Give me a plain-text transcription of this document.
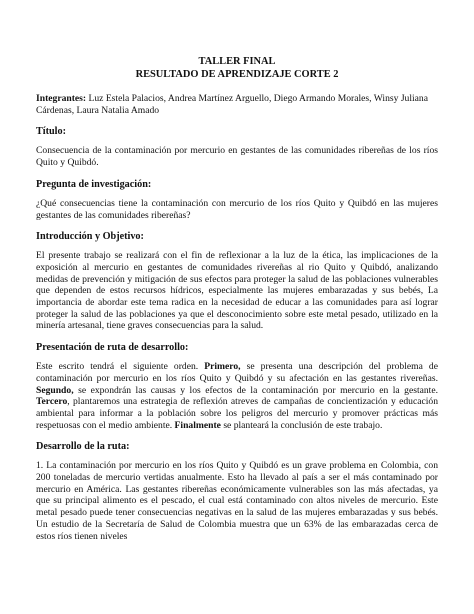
TALLER FINAL

RESULTADO DE APRENDIZAJE CORTE 2

Integrantes: Luz Estela Palacios, Andrea Martínez Arguello, Diego Armando Morales, Winsy Juliana Cárdenas, Laura Natalia Amado

Título:

Consecuencia de la contaminación por mercurio en gestantes de las comunidades ribereñas de los ríos Quito y Quibdó.

Pregunta de investigación:

¿Qué consecuencias tiene la contaminación con mercurio de los ríos Quito y Quibdó en las mujeres gestantes de las comunidades ribereñas?

Introducción y Objetivo:

El presente trabajo se realizará con el fin de reflexionar a la luz de la ética, las implicaciones de la exposición al mercurio en gestantes de comunidades rivereñas al rio Quito y Quibdó, analizando medidas de prevención y mitigación de sus efectos para proteger la salud de las poblaciones vulnerables que dependen de estos recursos hídricos, especialmente las mujeres embarazadas y sus bebés, La importancia de abordar este tema radica en la necesidad de educar a las comunidades para así lograr proteger la salud de las poblaciones ya que el desconocimiento sobre este metal pesado, utilizado en la minería artesanal, tiene graves consecuencias para la salud.

Presentación de ruta de desarrollo:

Este escrito tendrá el siguiente orden. Primero, se presenta una descripción del problema de contaminación por mercurio en los ríos Quito y Quibdó y su afectación en las gestantes rivereñas. Segundo, se expondrán las causas y los efectos de la contaminación por mercurio en la gestante. Tercero, plantaremos una estrategia de reflexión atreves de campañas de concientización y educación ambiental para informar a la población sobre los peligros del mercurio y promover prácticas más respetuosas con el medio ambiente. Finalmente se planteará la conclusión de este trabajo.

Desarrollo de la ruta:

1. La contaminación por mercurio en los ríos Quito y Quibdó es un grave problema en Colombia, con 200 toneladas de mercurio vertidas anualmente. Esto ha llevado al país a ser el más contaminado por mercurio en América. Las gestantes ribereñas económicamente vulnerables son las más afectadas, ya que su principal alimento es el pescado, el cual está contaminado con altos niveles de mercurio. Este metal pesado puede tener consecuencias negativas en la salud de las mujeres embarazadas y sus bebés. Un estudio de la Secretaría de Salud de Colombia muestra que un 63% de las embarazadas cerca de estos ríos tienen niveles
